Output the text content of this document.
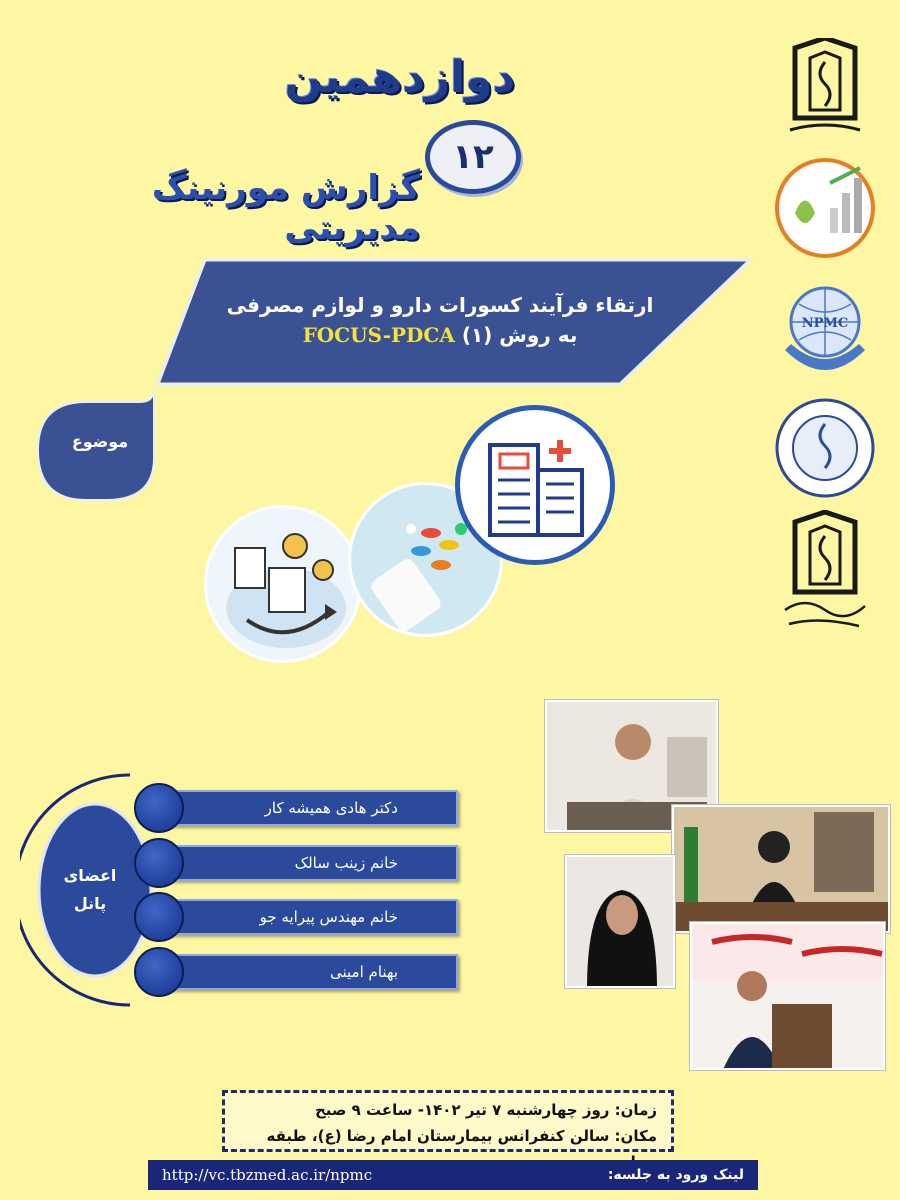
دوازدهمین
۱۲
گزارش مورنینگ مدیریتی
ارتقاء فرآیند کسورات دارو و لوازم مصرفی
به روش FOCUS-PDCA (۱)
موضوع
NPMC
اعضای
پانل
دکتر هادی همیشه کار
خانم زینب سالک
خانم مهندس پیرایه جو
بهنام امینی
زمان: روز چهارشنبه ۷ تیر ۱۴۰۲- ساعت ۹ صبح
مکان: سالن کنفرانس بیمارستان امام رضا (ع)، طبقه
http://vc.tbzmed.ac.ir/npmc	لینک ورود به جلسه:
